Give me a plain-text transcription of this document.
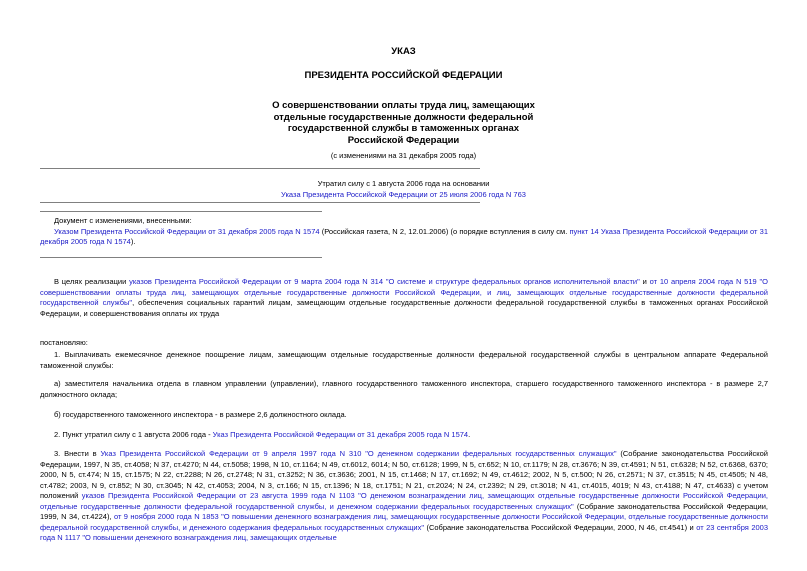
УКАЗ
ПРЕЗИДЕНТА РОССИЙСКОЙ ФЕДЕРАЦИИ
О совершенствовании оплаты труда лиц, замещающих
отдельные государственные должности федеральной
государственной службы в таможенных органах
Российской Федерации
(с изменениями на 31 декабря 2005 года)
Утратил силу с 1 августа 2006 года на основании
Указа Президента Российской Федерации от 25 июля 2006 года N 763
Документ с изменениями, внесенными:
Указом Президента Российской Федерации от 31 декабря 2005 года N 1574 (Российская газета, N 2, 12.01.2006) (о порядке вступления в силу см. пункт 14 Указа Президента Российской Федерации от 31 декабря 2005 года N 1574).
В целях реализации указов Президента Российской Федерации от 9 марта 2004 года N 314 "О системе и структуре федеральных органов исполнительной власти" и от 10 апреля 2004 года N 519 "О совершенствовании оплаты труда лиц, замещающих отдельные государственные должности Российской Федерации, и лиц, замещающих отдельные государственные должности федеральной государственной службы", обеспечения социальных гарантий лицам, замещающим отдельные государственные должности федеральной государственной службы в таможенных органах Российской Федерации, и совершенствования оплаты их труда
постановляю:
1. Выплачивать ежемесячное денежное поощрение лицам, замещающим отдельные государственные должности федеральной государственной службы в центральном аппарате Федеральной таможенной службы:
а) заместителя начальника отдела в главном управлении (управлении), главного государственного таможенного инспектора, старшего государственного таможенного инспектора - в размере 2,7 должностного оклада;
б) государственного таможенного инспектора - в размере 2,6 должностного оклада.
2. Пункт утратил силу с 1 августа 2006 года - Указ Президента Российской Федерации от 31 декабря 2005 года N 1574.
3. Внести в Указ Президента Российской Федерации от 9 апреля 1997 года N 310 "О денежном содержании федеральных государственных служащих" (Собрание законодательства Российской Федерации, 1997, N 35, ст.4058; N 37, ст.4270; N 44, ст.5058; 1998, N 10, ст.1164; N 49, ст.6012, 6014; N 50, ст.6128; 1999, N 5, ст.652; N 10, ст.1179; N 28, ст.3676; N 39, ст.4591; N 51, ст.6328; N 52, ст.6368, 6370; 2000, N 5, ст.474; N 15, ст.1575; N 22, ст.2288; N 26, ст.2748; N 31, ст.3252; N 36, ст.3636; 2001, N 15, ст.1468; N 17, ст.1692; N 49, ст.4612; 2002, N 5, ст.500; N 26, ст.2571; N 37, ст.3515; N 45, ст.4505; N 48, ст.4782; 2003, N 9, ст.852; N 30, ст.3045; N 42, ст.4053; 2004, N 3, ст.166; N 15, ст.1396; N 18, ст.1751; N 21, ст.2024; N 24, ст.2392; N 29, ст.3018; N 41, ст.4015, 4019; N 43, ст.4188; N 47, ст.4633) с учетом положений указов Президента Российской Федерации от 23 августа 1999 года N 1103 "О денежном вознаграждении лиц, замещающих отдельные государственные должности Российской Федерации, отдельные государственные должности федеральной государственной службы, и денежном содержании федеральных государственных служащих" (Собрание законодательства Российской Федерации, 1999, N 34, ст.4224), от 9 ноября 2000 года N 1853 "О повышении денежного вознаграждения лиц, замещающих государственные должности Российской Федерации, отдельные государственные должности федеральной государственной службы, и денежного содержания федеральных государственных служащих" (Собрание законодательства Российской Федерации, 2000, N 46, ст.4541) и от 23 сентября 2003 года N 1117 "О повышении денежного вознаграждения лиц, замещающих отдельные
